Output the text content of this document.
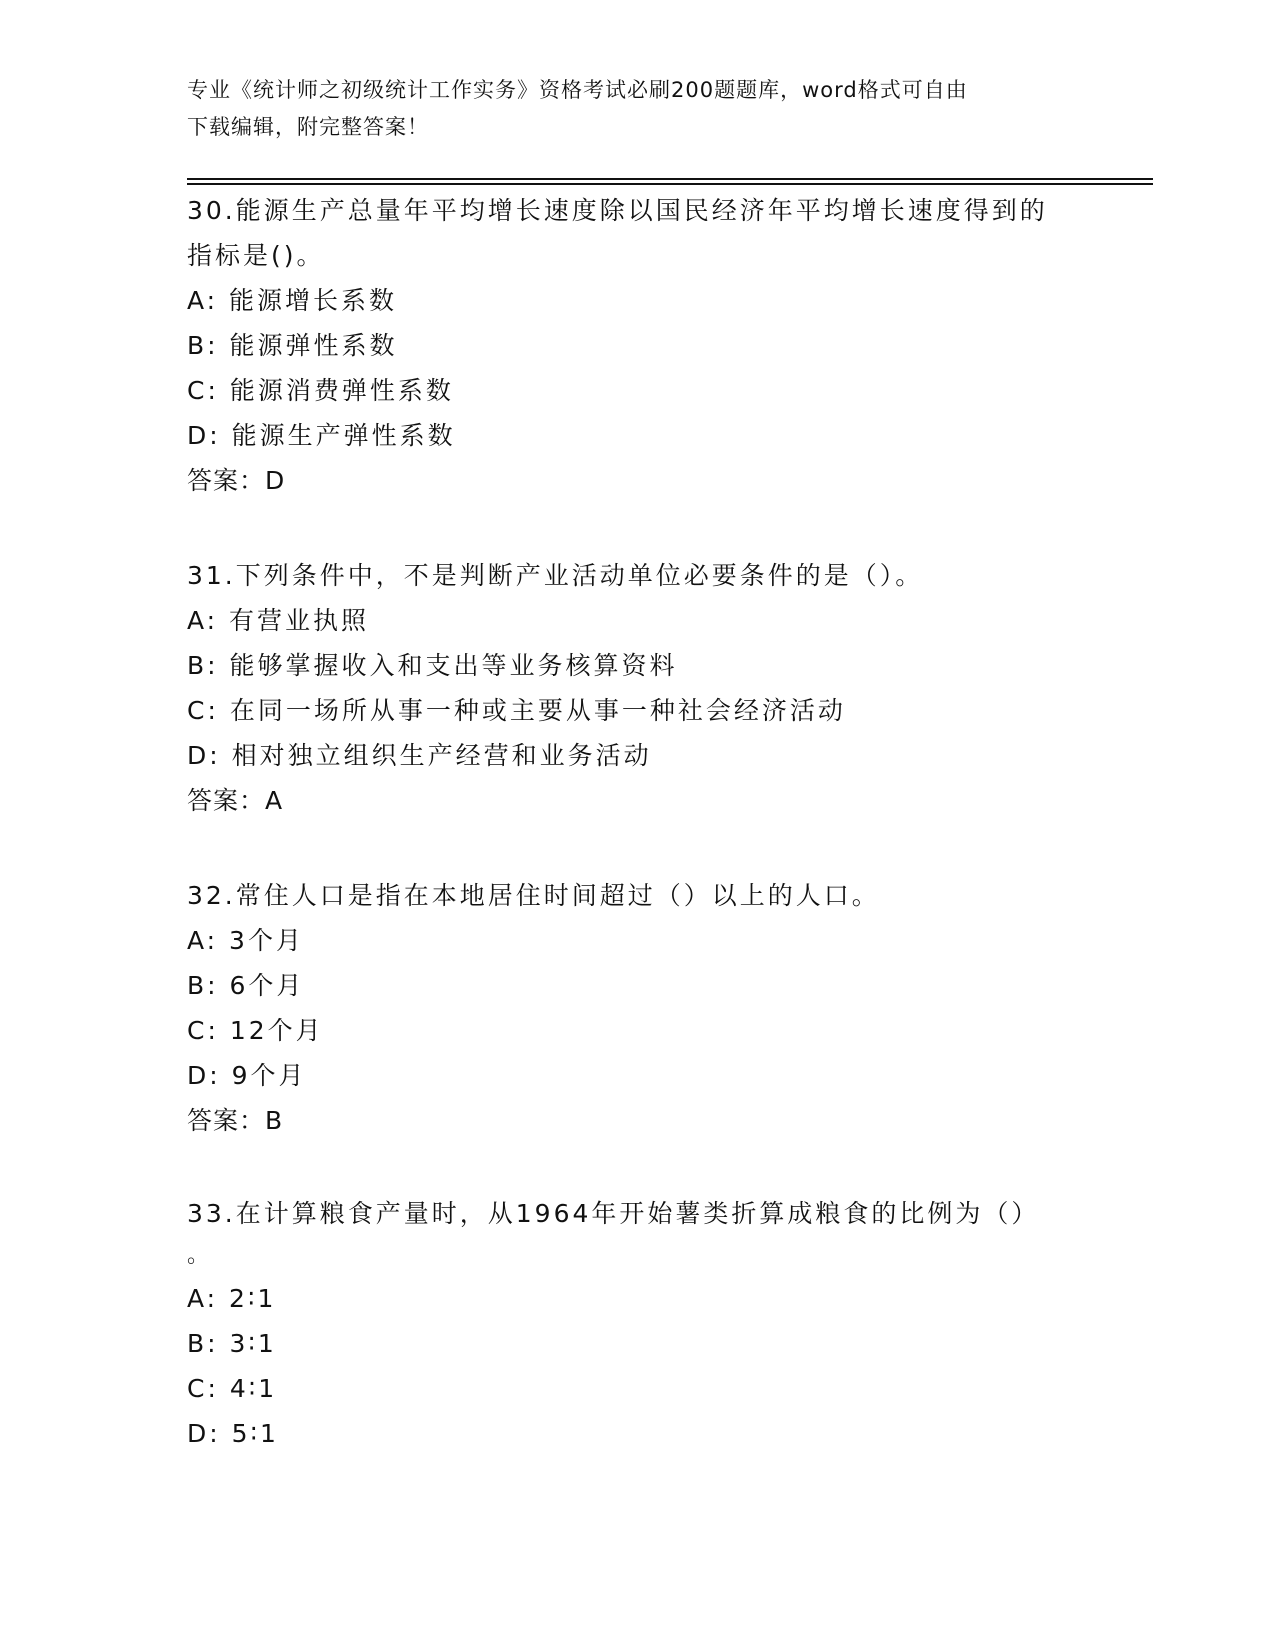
专业《统计师之初级统计工作实务》资格考试必刷200题题库，word格式可自由
下载编辑，附完整答案！

30.能源生产总量年平均增长速度除以国民经济年平均增长速度得到的
指标是()。

A: 能源增长系数

B: 能源弹性系数

C: 能源消费弹性系数

D: 能源生产弹性系数

答案：D

31.下列条件中，不是判断产业活动单位必要条件的是（）。

A: 有营业执照

B: 能够掌握收入和支出等业务核算资料

C: 在同一场所从事一种或主要从事一种社会经济活动

D: 相对独立组织生产经营和业务活动

答案：A

32.常住人口是指在本地居住时间超过（）以上的人口。

A: 3个月

B: 6个月

C: 12个月

D: 9个月

答案：B

33.在计算粮食产量时，从1964年开始薯类折算成粮食的比例为（）
。

A: 2∶1

B: 3∶1

C: 4∶1

D: 5∶1
